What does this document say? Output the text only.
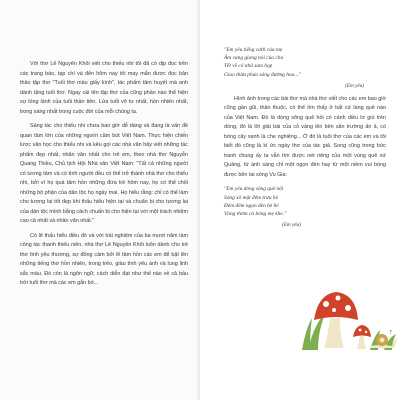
Với thơ Lê Nguyên Khôi viết cho thiếu nhi tôi đã có dịp đọc trên các trang báo, tạp chí và đến hôm nay tôi may mắn được đọc bản thảo tập thơ "Tuổi thơ màu giấy kính", tác phẩm tâm huyết mà anh dành tặng tuổi thơ. Ngay cái tên tập thơ của cũng phần nào thể hiện sự lóng lánh của tuổi thần tiên. Lứa tuổi vô tư nhất, hồn nhiên nhất, trong sáng nhất trong cuộc đời của mỗi chúng ta.

Sáng tác cho thiếu nhi chưa bao giờ dễ dàng và đang là vấn đề quan tâm lớn của những người cầm bút Việt Nam. Thực hiện chiến lược văn học cho thiếu nhi và kêu gọi các nhà văn hãy viết những tác phẩm đẹp nhất, nhân văn nhất cho trẻ em, theo nhà thơ Nguyễn Quang Thiều, Chủ tịch Hội Nhà văn Việt Nam: "Tất cả những người có lương tâm và có tình người đều có thể trở thành nhà thơ cho thiếu nhi, bởi vì họ quá tâm hồn những đứa trẻ hôm nay, họ có thể chối những bộ phận của dân tộc họ ngày mai. Họ hiểu rằng: chỉ có thể làm cho tương lai tốt đẹp khi thấu hiểu hiện tại và chuẩn bị cho tương lai của dân tộc mình bằng cách chuẩn bị cho hiện tại với một trách nhiệm cao cả nhất và nhân văn nhất."

Có lẽ thấu hiểu điều đó và với trải nghiệm của ba mươi năm làm công tác thanh thiếu niên, nhà thơ Lê Nguyên Khôi luôn dành cho trẻ thơ tình yêu thương, sự đồng cảm bởi lẽ tâm hồn các em để bật lên những tiếng thơ hồn nhiên, trong trẻo, giàu tình yêu ánh và lung linh sắc màu. Đó còn là ngôn ngữ, cách diễn đạt như thế nào về cả bầu trời tuổi thơ mà các em gắn bó...

"Em yêu tiếng cười của mẹ
Âm vang giọng nói của cha
Tết về có nhà sum họp
Giao thừa pháo sáng đường hoa..."
(Em yêu)

Hình ảnh trong các bài thơ mà nhà thơ viết cho các em bao giờ cũng gần gũi, thân thuộc, có thể tìm thấy ở bất cứ làng quê nào của Việt Nam. Đó là dòng sông quê hồi có cánh diều lơ gió trên dòng, đó là lời giải bài của cỏ vàng lên bên sân trường ấn ả, có bóng cây xanh là che nghiêng... Ở đó là tuổi thơ của các em và tôi biết đó cũng là kí ức ngày thơ của tác giả. Song cũng trong bức tranh chung ấy ta vẫn tìm được nét riêng của một vùng quê xứ Quảng, từ ánh sáng chỉ một ngọn đèn hay từ một niềm vui bóng được bên tai sóng Vu Gia:

"Em yêu dòng sông quê nội
Sóng xô mặt đêm trưa hè
Đêm đêm ngọn đèn bé bé
Vàng thơm cả bóng mẹ khe."
(Em yêu)
7
